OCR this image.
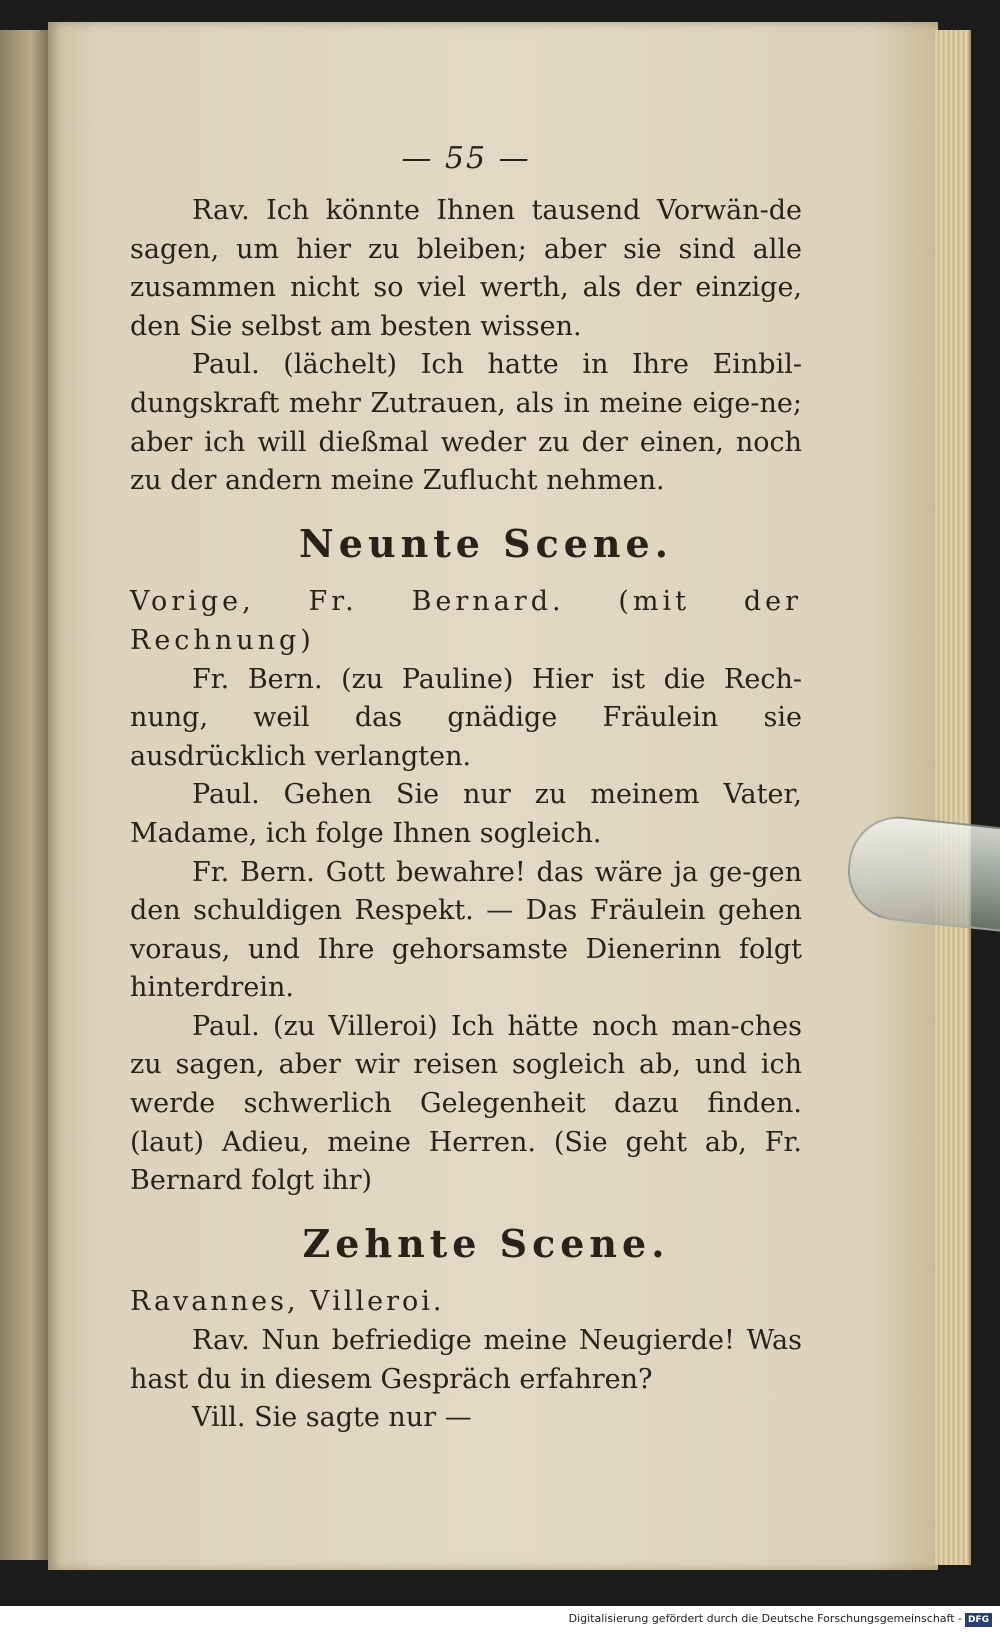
— 55 —

Rav. Ich könnte Ihnen tausend Vorwän-de sagen, um hier zu bleiben; aber sie sind alle zusammen nicht so viel werth, als der einzige, den Sie selbst am besten wissen.

Paul. (lächelt) Ich hatte in Ihre Einbil-dungskraft mehr Zutrauen, als in meine eige-ne; aber ich will dießmal weder zu der einen, noch zu der andern meine Zuflucht nehmen.

Neunte Scene.

Vorige, Fr. Bernard. (mit der Rechnung)

Fr. Bern. (zu Pauline) Hier ist die Rech-nung, weil das gnädige Fräulein sie ausdrücklich verlangten.

Paul. Gehen Sie nur zu meinem Vater, Madame, ich folge Ihnen sogleich.

Fr. Bern. Gott bewahre! das wäre ja ge-gen den schuldigen Respekt. — Das Fräulein gehen voraus, und Ihre gehorsamste Dienerinn folgt hinterdrein.

Paul. (zu Villeroi) Ich hätte noch man-ches zu sagen, aber wir reisen sogleich ab, und ich werde schwerlich Gelegenheit dazu finden. (laut) Adieu, meine Herren. (Sie geht ab, Fr. Bernard folgt ihr)

Zehnte Scene.

Ravannes, Villeroi.

Rav. Nun befriedige meine Neugierde! Was hast du in diesem Gespräch erfahren?

Vill. Sie sagte nur —

Digitalisierung gefördert durch die Deutsche Forschungsgemeinschaft - DFG
